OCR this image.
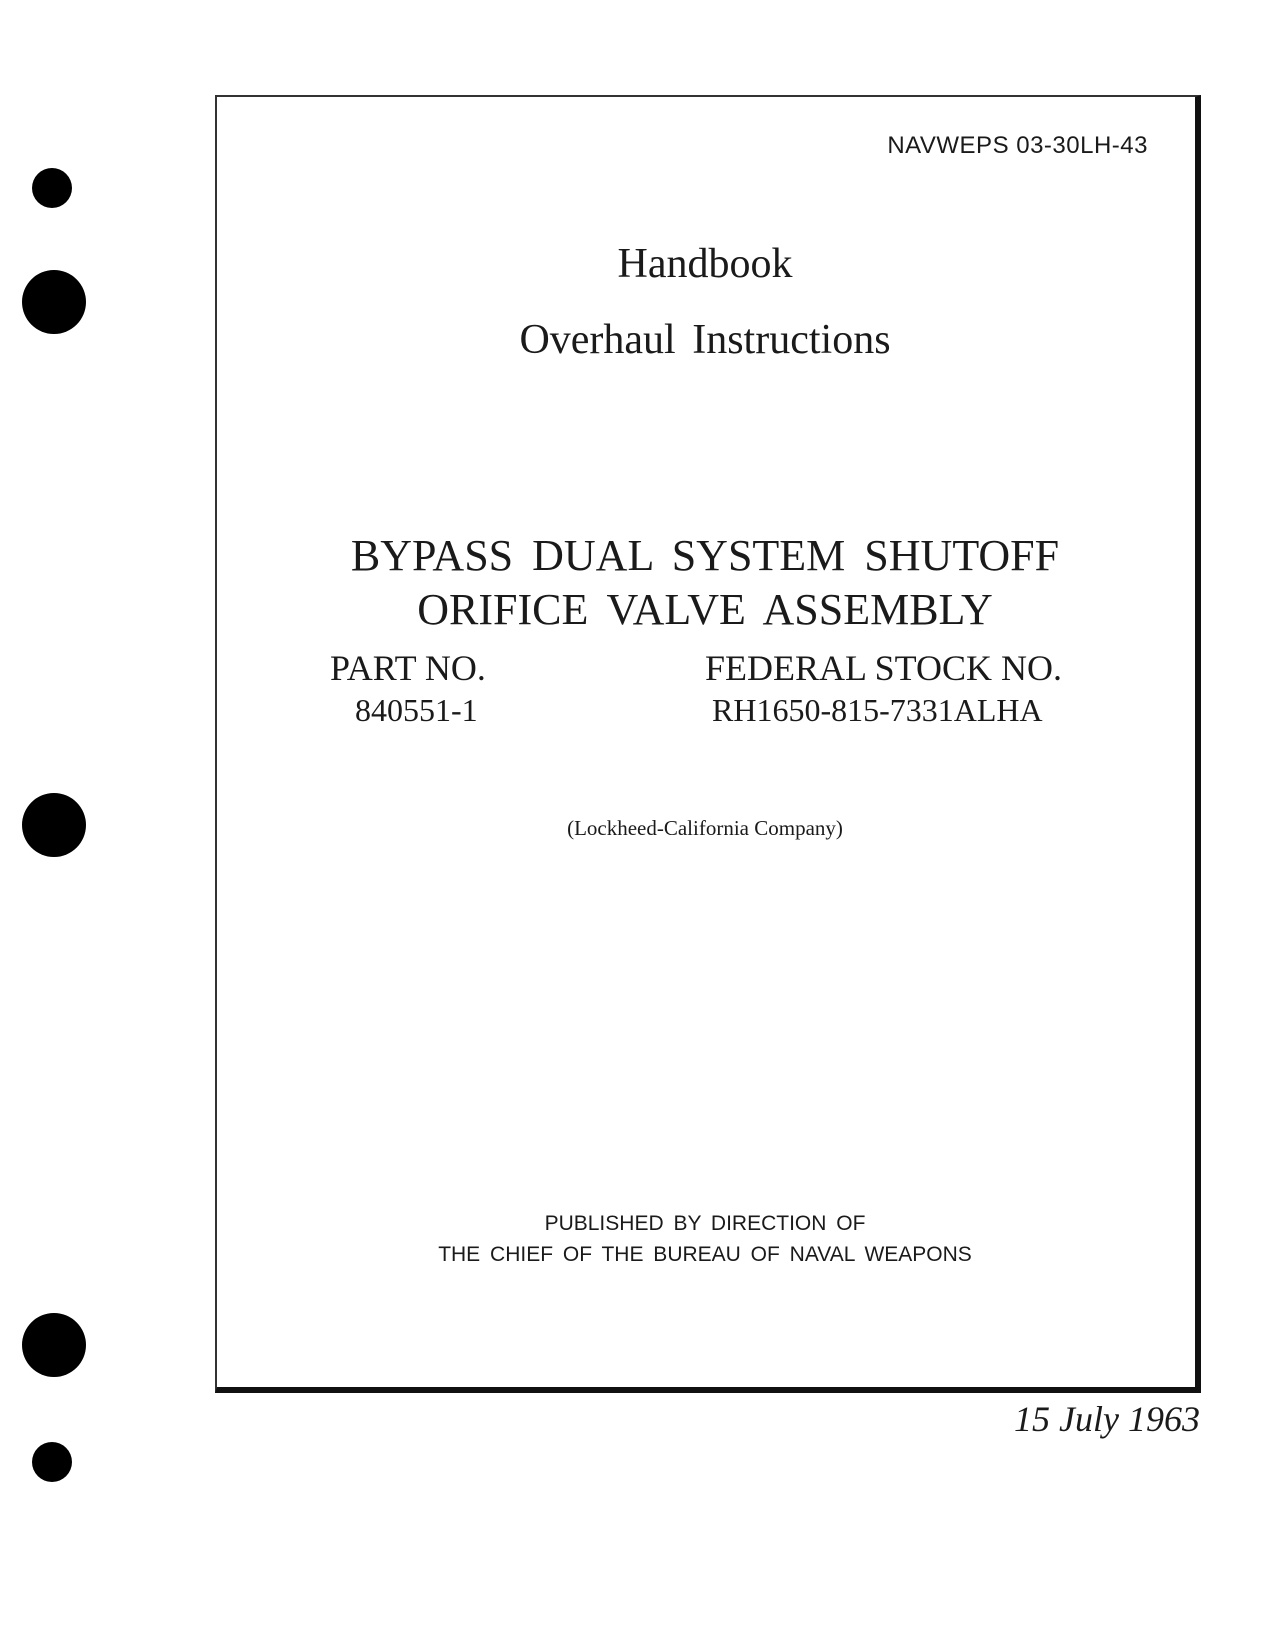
NAVWEPS 03-30LH-43
Handbook
Overhaul Instructions
BYPASS DUAL SYSTEM SHUTOFF
ORIFICE VALVE ASSEMBLY
PART NO.
840551-1
FEDERAL STOCK NO.
RH1650-815-7331ALHA
(Lockheed-California Company)
PUBLISHED BY DIRECTION OF
THE CHIEF OF THE BUREAU OF NAVAL WEAPONS
15 July 1963
